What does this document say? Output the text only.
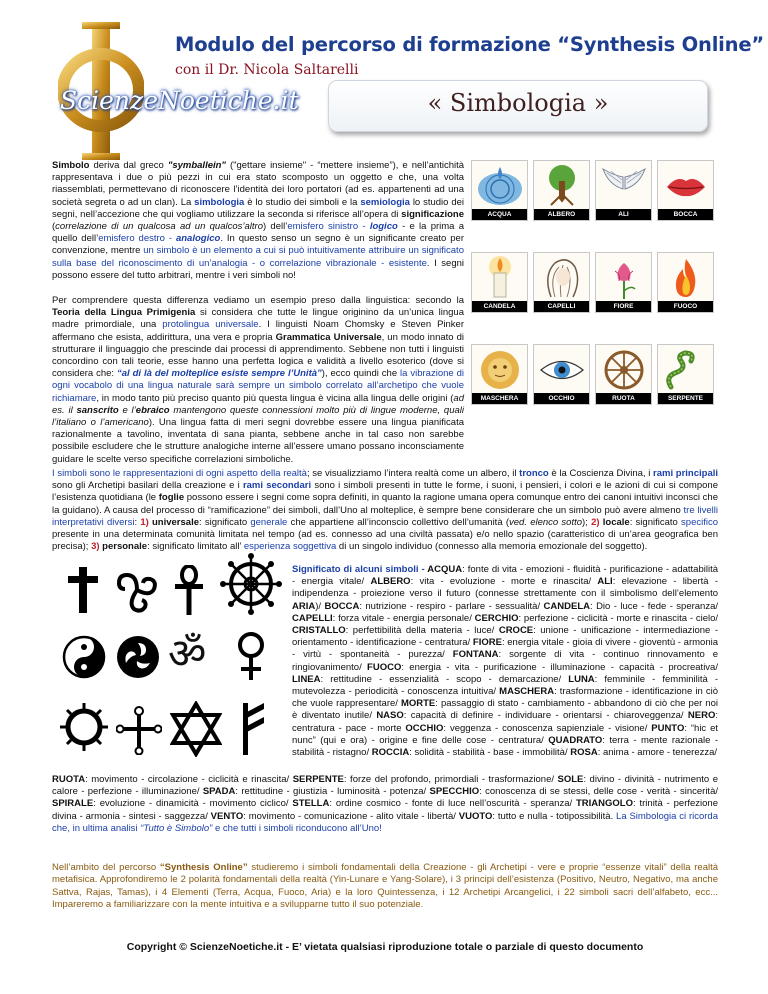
Modulo del percorso di formazione “Synthesis Online”
con il Dr. Nicola Saltarelli
ScienzeNoetiche.it	« Simbologia »
Simbolo deriva dal greco "symballein" ("gettare insieme" - “mettere insieme”), e nell’antichità rappresentava i due o più pezzi in cui era stato scomposto un oggetto e che, una volta riassemblati, permettevano di riconoscere l’identità dei loro portatori (ad es. appartenenti ad una società segreta o ad un clan). La simbologia è lo studio dei simboli e la semiologia lo studio dei segni, nell’accezione che qui vogliamo utilizzare la seconda si riferisce all’opera di significazione (correlazione di un qualcosa ad un qualcos’altro) dell’emisfero sinistro - logico - e la prima a quello dell’emisfero destro - analogico. In questo senso un segno è un significante creato per convenzione, mentre un simbolo è un elemento a cui si può intuitivamente attribuire un significato sulla base del riconoscimento di un’analogia - o correlazione vibrazionale - esistente. I segni possono essere del tutto arbitrari, mentre i veri simboli no!
ACQUA	ALBERO	ALI	BOCCA
CANDELA	CAPELLI	FIORE	FUOCO
MASCHERA	OCCHIO	RUOTA	SERPENTE
Per comprendere questa differenza vediamo un esempio preso dalla linguistica: secondo la Teoria della Lingua Primigenia si considera che tutte le lingue originino da un’unica lingua madre primordiale, una protolingua universale. I linguisti Noam Chomsky e Steven Pinker affermano che esista, addirittura, una vera e propria Grammatica Universale, un modo innato di strutturare il linguaggio che prescinde dai processi di apprendimento. Sebbene non tutti i linguisti concordino con tali teorie, esse hanno una perfetta logica e validità a livello esoterico (dove si considera che: “al di là del molteplice esiste sempre l’Unità”), ecco quindi che la vibrazione di ogni vocabolo di una lingua naturale sarà sempre un simbolo correlato all’archetipo che vuole richiamare, in modo tanto più preciso quanto più questa lingua è vicina alla lingua delle origini (ad es. il sanscrito e l’ebraico mantengono queste connessioni molto più di lingue moderne, quali l’italiano o l’americano). Una lingua fatta di meri segni dovrebbe essere una lingua pianificata razionalmente a tavolino, inventata di sana pianta, sebbene anche in tal caso non sarebbe possibile escludere che le strutture analogiche interne all’essere umano possano inconsciamente guidare le scelte verso specifiche correlazioni simboliche.
I simboli sono le rappresentazioni di ogni aspetto della realtà; se visualizziamo l’intera realtà come un albero, il tronco è la Coscienza Divina, i rami principali sono gli Archetipi basilari della creazione e i rami secondari sono i simboli presenti in tutte le forme, i suoni, i pensieri, i colori e le azioni di cui si compone l’esistenza quotidiana (le foglie possono essere i segni come sopra definiti, in quanto la ragione umana opera comunque entro dei canoni intuitivi inconsci che la guidano). A causa del processo di “ramificazione” dei simboli, dall’Uno al molteplice, è sempre bene considerare che un simbolo può avere almeno tre livelli interpretativi diversi: 1) universale: significato generale che appartiene all’inconscio collettivo dell’umanità (ved. elenco sotto); 2) locale: significato specifico presente in una determinata comunità limitata nel tempo (ad es. connesso ad una civiltà passata) e/o nello spazio (caratteristico di un’area geografica ben precisa); 3) personale: significato limitato all’ esperienza soggettiva di un singolo individuo (connesso alla memoria emozionale del soggetto).
ॐ
Significato di alcuni simboli - ACQUA: fonte di vita - emozioni - fluidità - purificazione - adattabilità - energia vitale/ ALBERO: vita - evoluzione - morte e rinascita/ ALI: elevazione - libertà - indipendenza - proiezione verso il futuro (connesse strettamente con il simbolismo dell’elemento ARIA)/ BOCCA: nutrizione - respiro - parlare - sessualità/ CANDELA: Dio - luce - fede - speranza/ CAPELLI: forza vitale - energia personale/ CERCHIO: perfezione - ciclicità - morte e rinascita - cielo/ CRISTALLO: perfettibilità della materia - luce/ CROCE: unione - unificazione - intermediazione - orientamento - identificazione - centratura/ FIORE: energia vitale - gioia di vivere - gioventù - armonia - virtù - spontaneità - purezza/ FONTANA: sorgente di vita - continuo rinnovamento e ringiovanimento/ FUOCO: energia - vita - purificazione - illuminazione - capacità - procreativa/ LINEA: rettitudine - essenzialità - scopo - demarcazione/ LUNA: femminile - femminilità - mutevolezza - periodicità - conoscenza intuitiva/ MASCHERA: trasformazione - identificazione in ciò che vuole rappresentare/ MORTE: passaggio di stato - cambiamento - abbandono di ciò che per noi è diventato inutile/ NASO: capacità di definire - individuare - orientarsi - chiaroveggenza/ NERO: centratura - pace - morte OCCHIO: veggenza - conoscenza sapienziale - visione/ PUNTO: “hic et nunc” (qui e ora) - origine e fine delle cose - centratura/ QUADRATO: terra - mente razionale - stabilità - ristagno/ ROCCIA: solidità - stabilità - base - immobilità/ ROSA: anima - amore - tenerezza/
RUOTA: movimento - circolazione - ciclicità e rinascita/ SERPENTE: forze del profondo, primordiali - trasformazione/ SOLE: divino - divinità - nutrimento e calore - perfezione - illuminazione/ SPADA: rettitudine - giustizia - luminosità - potenza/ SPECCHIO: conoscenza di se stessi, delle cose - verità - sincerità/ SPIRALE: evoluzione - dinamicità - movimento ciclico/ STELLA: ordine cosmico - fonte di luce nell’oscurità - speranza/ TRIANGOLO: trinità - perfezione divina - armonia - sintesi - saggezza/ VENTO: movimento - comunicazione - alito vitale - libertà/ VUOTO: tutto e nulla - totipossibilità. La Simbologia ci ricorda che, in ultima analisi “Tutto è Simbolo” e che tutti i simboli riconducono all’Uno!
Nell’ambito del percorso “Synthesis Online” studieremo i simboli fondamentali della Creazione - gli Archetipi - vere e proprie “essenze vitali” della realtà metafisica. Approfondiremo le 2 polarità fondamentali della realtà (Yin-Lunare e Yang-Solare), i 3 principi dell’esistenza (Positivo, Neutro, Negativo, ma anche Sattva, Rajas, Tamas), i 4 Elementi (Terra, Acqua, Fuoco, Aria) e la loro Quintessenza, i 12 Archetipi Arcangelici, i 22 simboli sacri dell’alfabeto, ecc... Impareremo a familiarizzare con la mente intuitiva e a svilupparne tutto il suo potenziale.
Copyright © ScienzeNoetiche.it - E’ vietata qualsiasi riproduzione totale o parziale di questo documento
